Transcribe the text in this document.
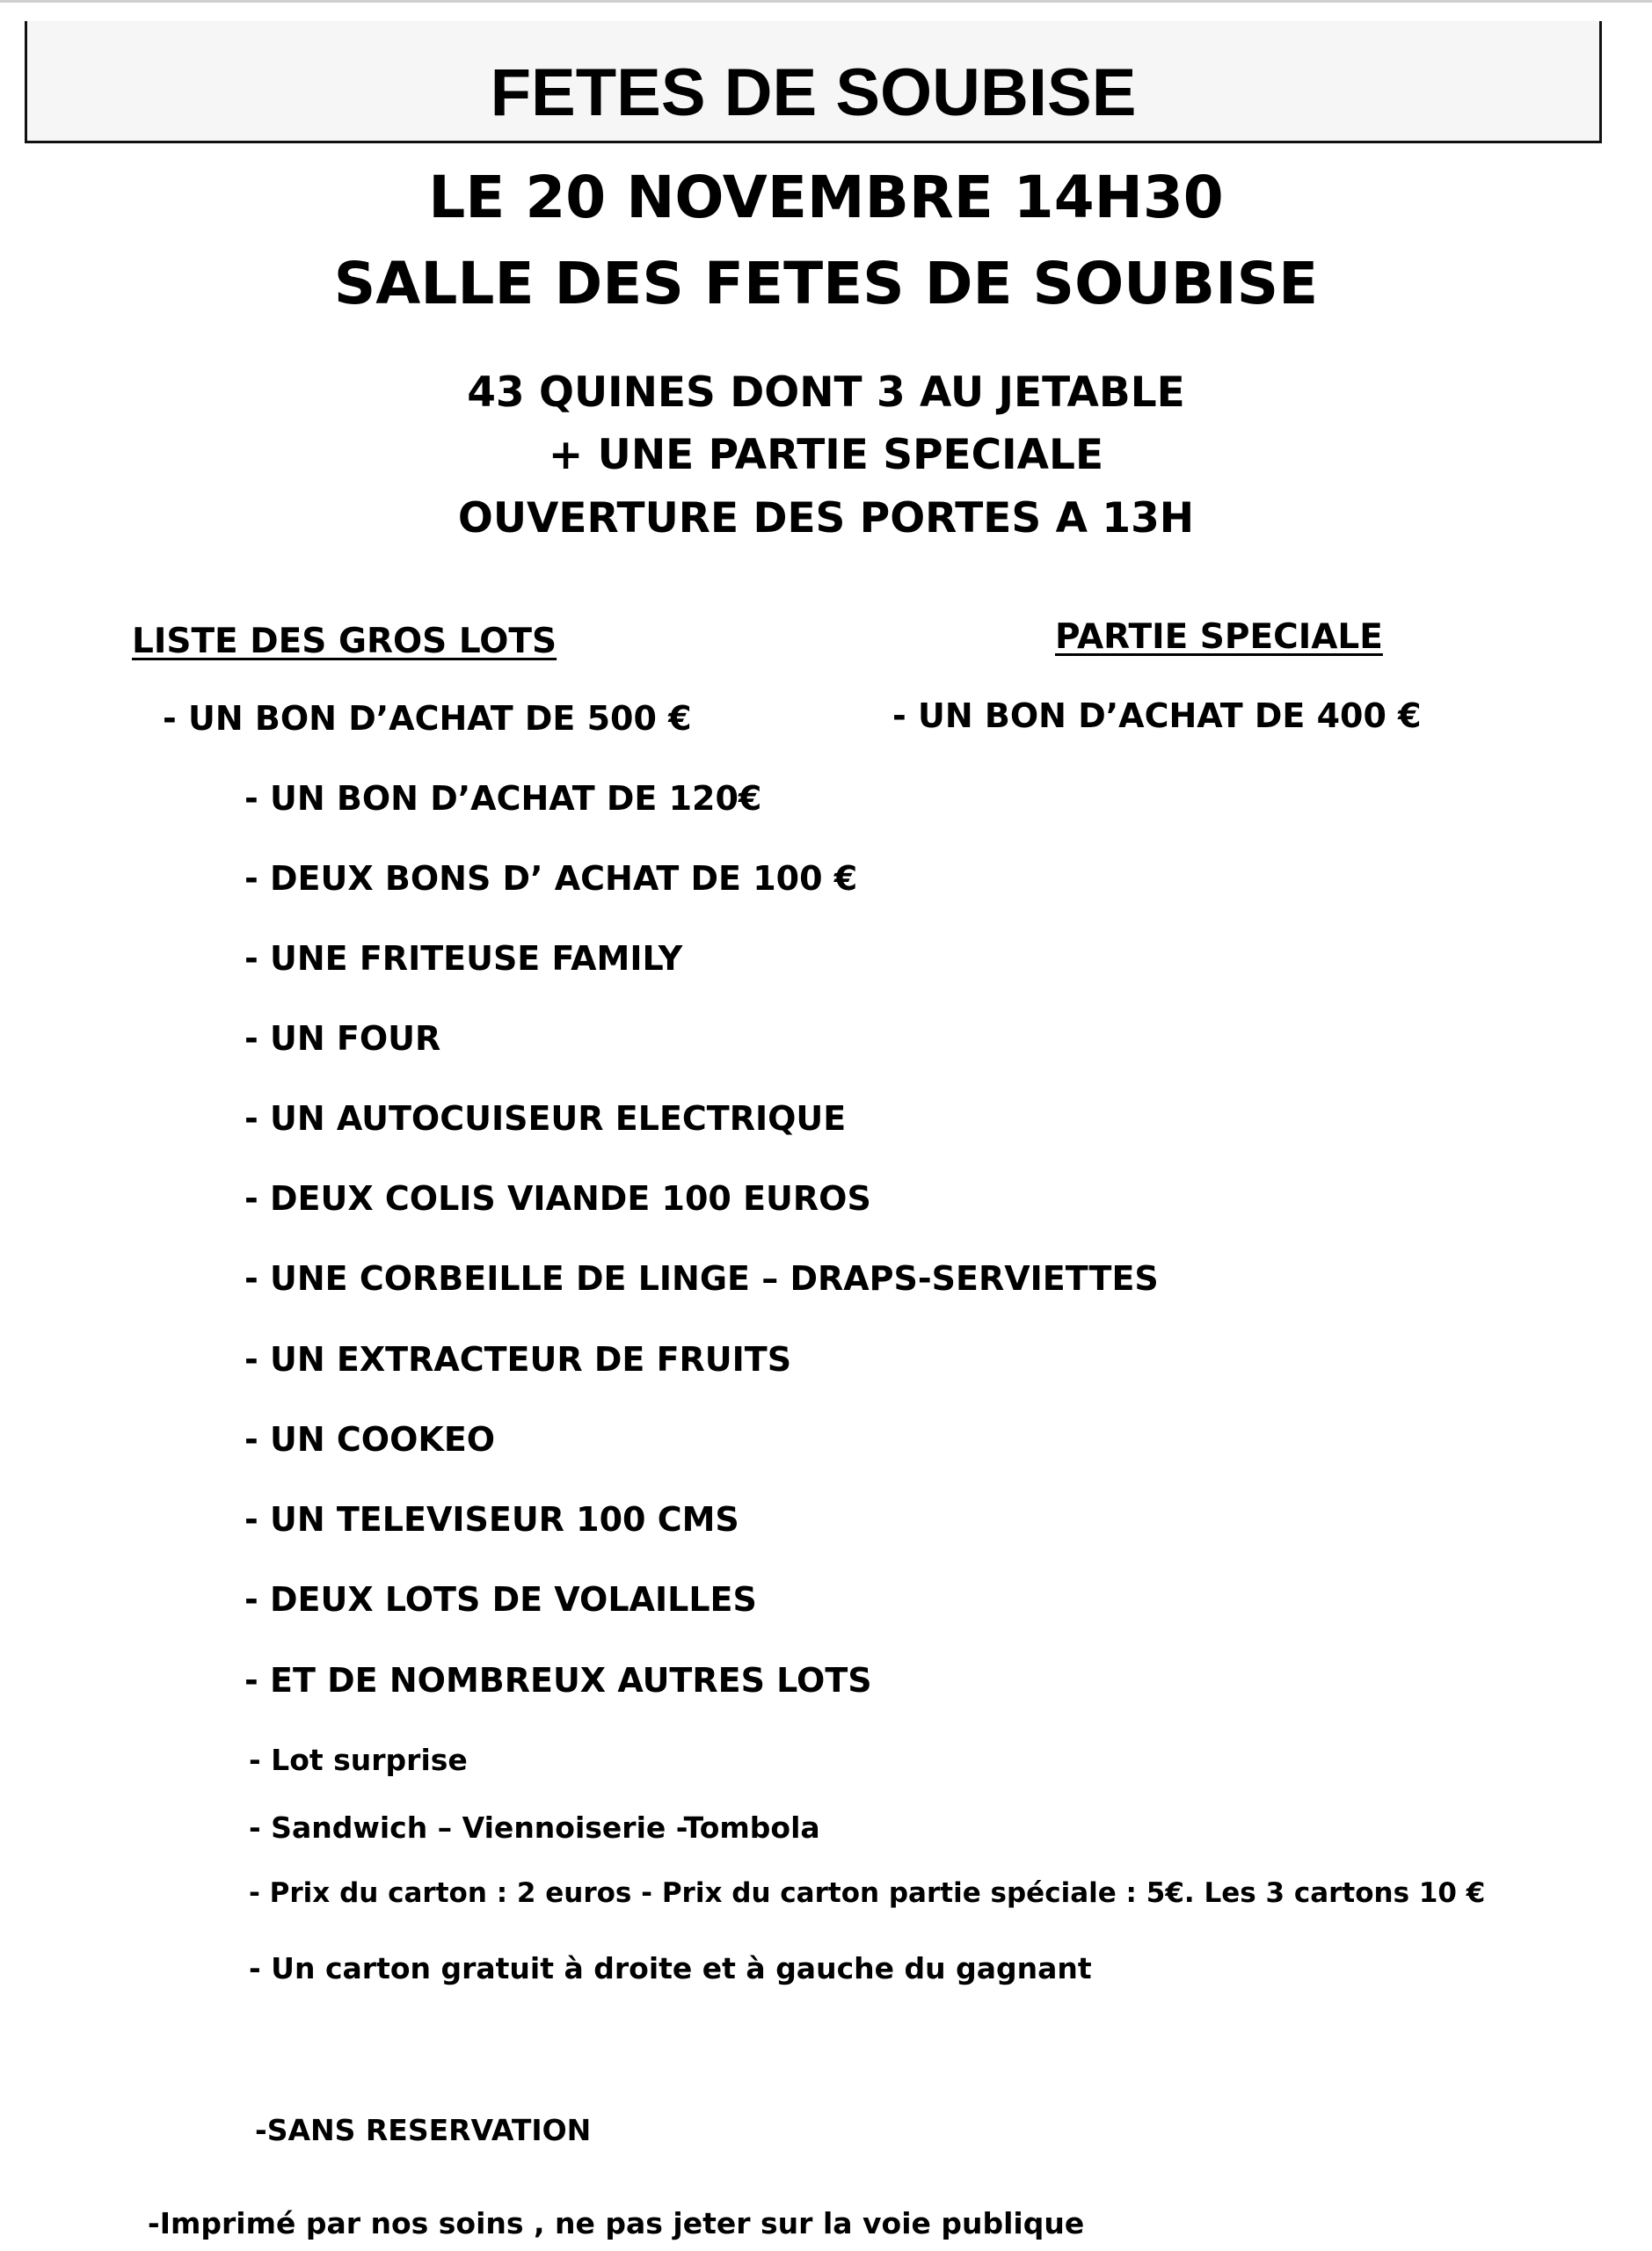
FETES DE SOUBISE
LE 20 NOVEMBRE 14H30
SALLE DES FETES DE SOUBISE
43 QUINES DONT 3 AU JETABLE
+ UNE PARTIE SPECIALE
OUVERTURE DES PORTES A 13H
LISTE DES GROS LOTS	PARTIE SPECIALE
- UN BON D’ACHAT DE 500 €	- UN BON D’ACHAT DE 400 €
- UN BON D’ACHAT DE 120€
- DEUX BONS D’ ACHAT DE 100 €
- UNE FRITEUSE FAMILY
- UN FOUR
- UN AUTOCUISEUR ELECTRIQUE
- DEUX COLIS VIANDE 100 EUROS
- UNE CORBEILLE DE LINGE – DRAPS-SERVIETTES
- UN EXTRACTEUR DE FRUITS
- UN COOKEO
- UN TELEVISEUR 100 CMS
- DEUX LOTS DE VOLAILLES
- ET DE NOMBREUX AUTRES LOTS
- Lot surprise
- Sandwich – Viennoiserie -Tombola
- Prix du carton : 2 euros - Prix du carton partie spéciale : 5€. Les 3 cartons 10 €
- Un carton gratuit à droite et à gauche du gagnant
-SANS RESERVATION
-Imprimé par nos soins , ne pas jeter sur la voie publique
